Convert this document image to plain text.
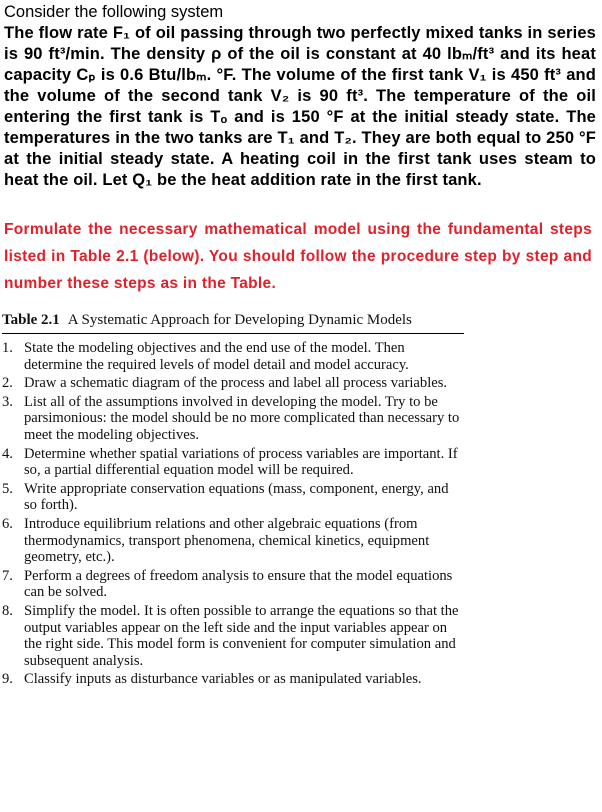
Consider the following system
The flow rate F₁ of oil passing through two perfectly mixed tanks in series is 90 ft³/min. The density ρ of the oil is constant at 40 lbₘ/ft³ and its heat capacity Cₚ is 0.6 Btu/lbₘ. °F. The volume of the first tank V₁ is 450 ft³ and the volume of the second tank V₂ is 90 ft³. The temperature of the oil entering the first tank is Tₒ and is 150 °F at the initial steady state. The temperatures in the two tanks are T₁ and T₂. They are both equal to 250 °F at the initial steady state. A heating coil in the first tank uses steam to heat the oil. Let Q₁ be the heat addition rate in the first tank.
Formulate the necessary mathematical model using the fundamental steps listed in Table 2.1 (below). You should follow the procedure step by step and number these steps as in the Table.
Table 2.1 A Systematic Approach for Developing Dynamic Models
1. State the modeling objectives and the end use of the model. Then determine the required levels of model detail and model accuracy.
2. Draw a schematic diagram of the process and label all process variables.
3. List all of the assumptions involved in developing the model. Try to be parsimonious: the model should be no more complicated than necessary to meet the modeling objectives.
4. Determine whether spatial variations of process variables are important. If so, a partial differential equation model will be required.
5. Write appropriate conservation equations (mass, component, energy, and so forth).
6. Introduce equilibrium relations and other algebraic equations (from thermodynamics, transport phenomena, chemical kinetics, equipment geometry, etc.).
7. Perform a degrees of freedom analysis to ensure that the model equations can be solved.
8. Simplify the model. It is often possible to arrange the equations so that the output variables appear on the left side and the input variables appear on the right side. This model form is convenient for computer simulation and subsequent analysis.
9. Classify inputs as disturbance variables or as manipulated variables.
